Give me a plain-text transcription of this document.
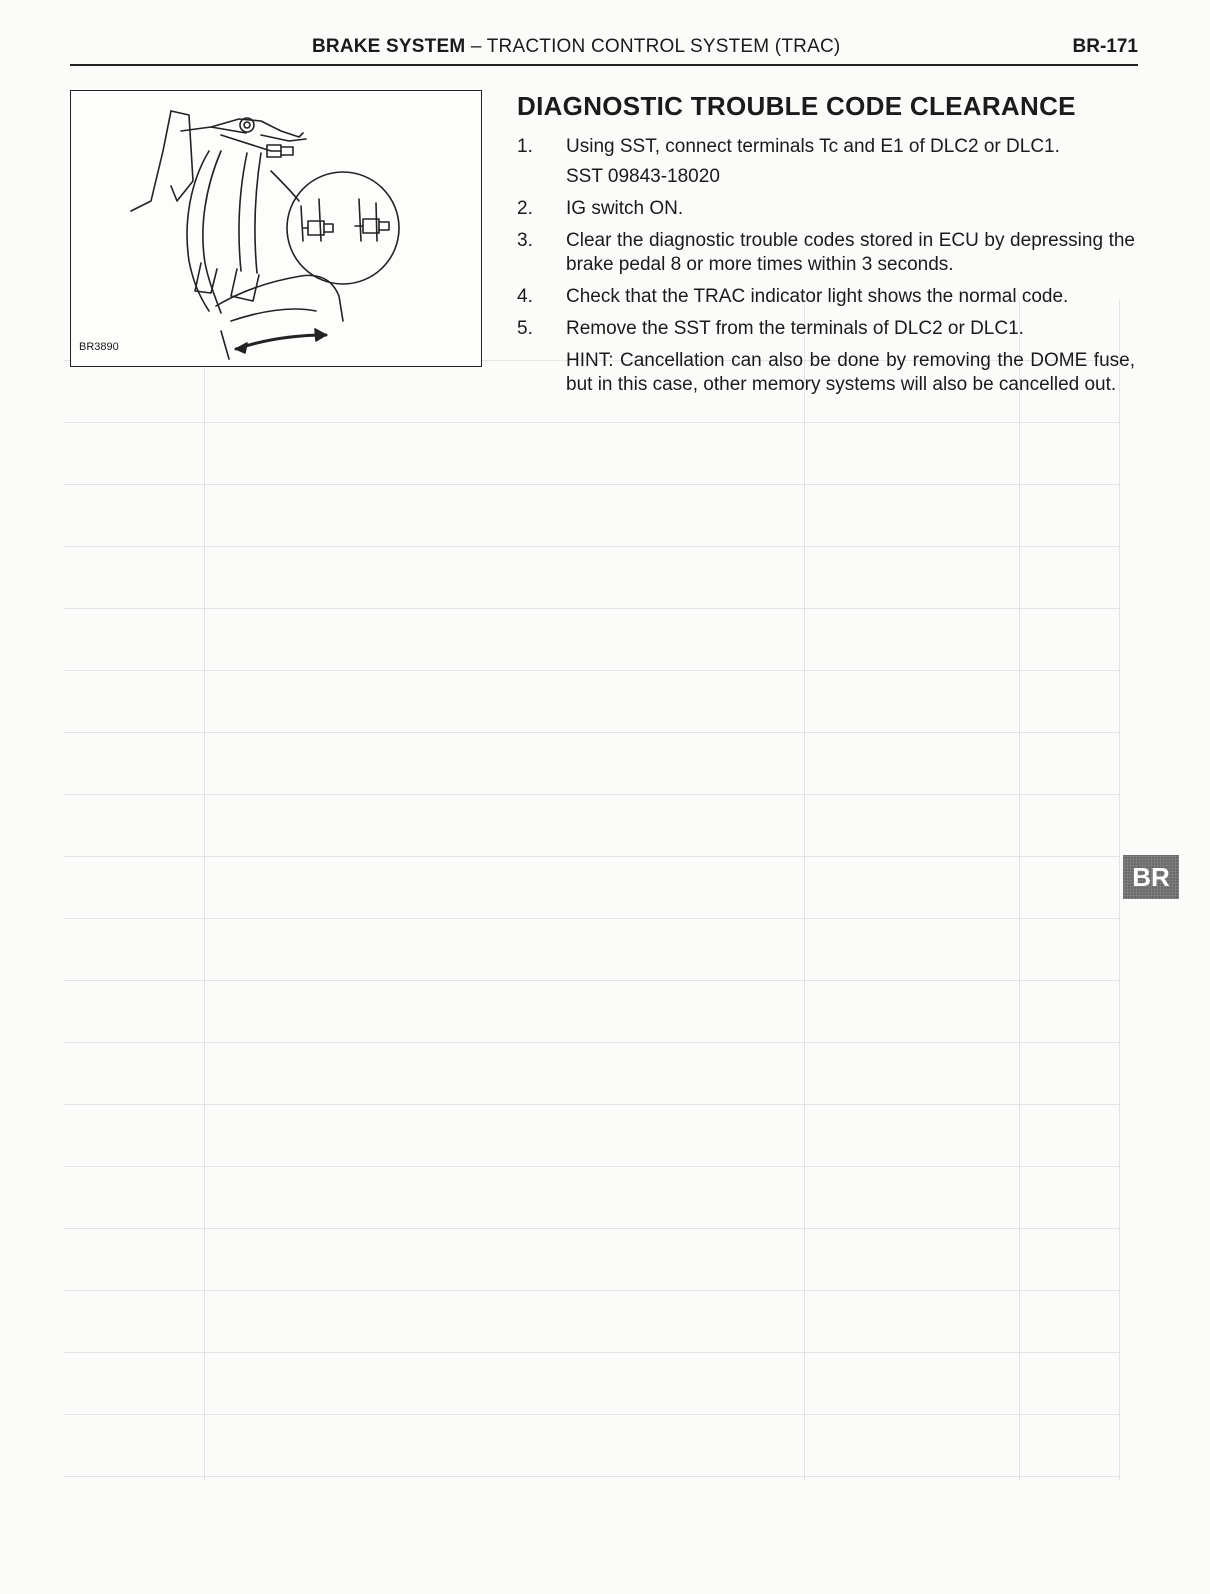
BRAKE SYSTEM – TRACTION CONTROL SYSTEM (TRAC)	BR-171
BR3890
DIAGNOSTIC TROUBLE CODE CLEARANCE
1. Using SST, connect terminals Tc and E1 of DLC2 or DLC1.
SST 09843-18020
2. IG switch ON.
3. Clear the diagnostic trouble codes stored in ECU by depressing the brake pedal 8 or more times within 3 seconds.
4. Check that the TRAC indicator light shows the normal code.
5. Remove the SST from the terminals of DLC2 or DLC1.
HINT: Cancellation can also be done by removing the DOME fuse, but in this case, other memory systems will also be cancelled out.
BR
